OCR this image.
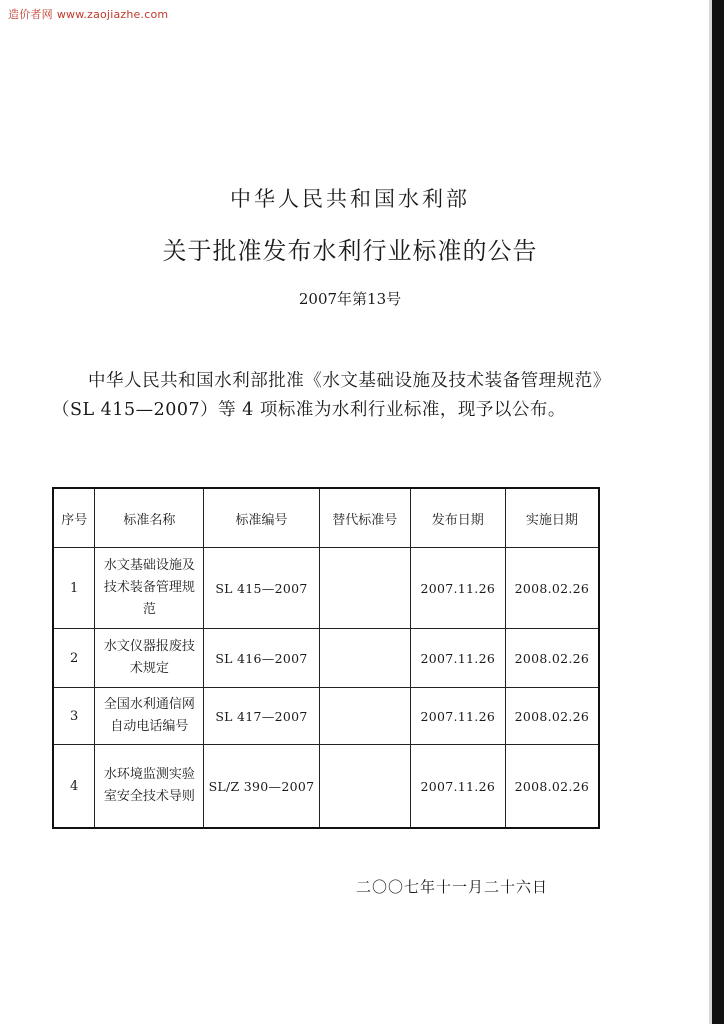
造价者网 www.zaojiazhe.com
中华人民共和国水利部
关于批准发布水利行业标准的公告
2007年第13号

中华人民共和国水利部批准《水文基础设施及技术装备管理规范》（SL 415—2007）等 4 项标准为水利行业标准，现予以公布。

序号	标准名称	标准编号	替代标准号	发布日期	实施日期
1	水文基础设施及技术装备管理规范	SL 415—2007		2007.11.26	2008.02.26
2	水文仪器报废技术规定	SL 416—2007		2007.11.26	2008.02.26
3	全国水利通信网自动电话编号	SL 417—2007		2007.11.26	2008.02.26
4	水环境监测实验室安全技术导则	SL/Z 390—2007		2007.11.26	2008.02.26
二〇〇七年十一月二十六日
